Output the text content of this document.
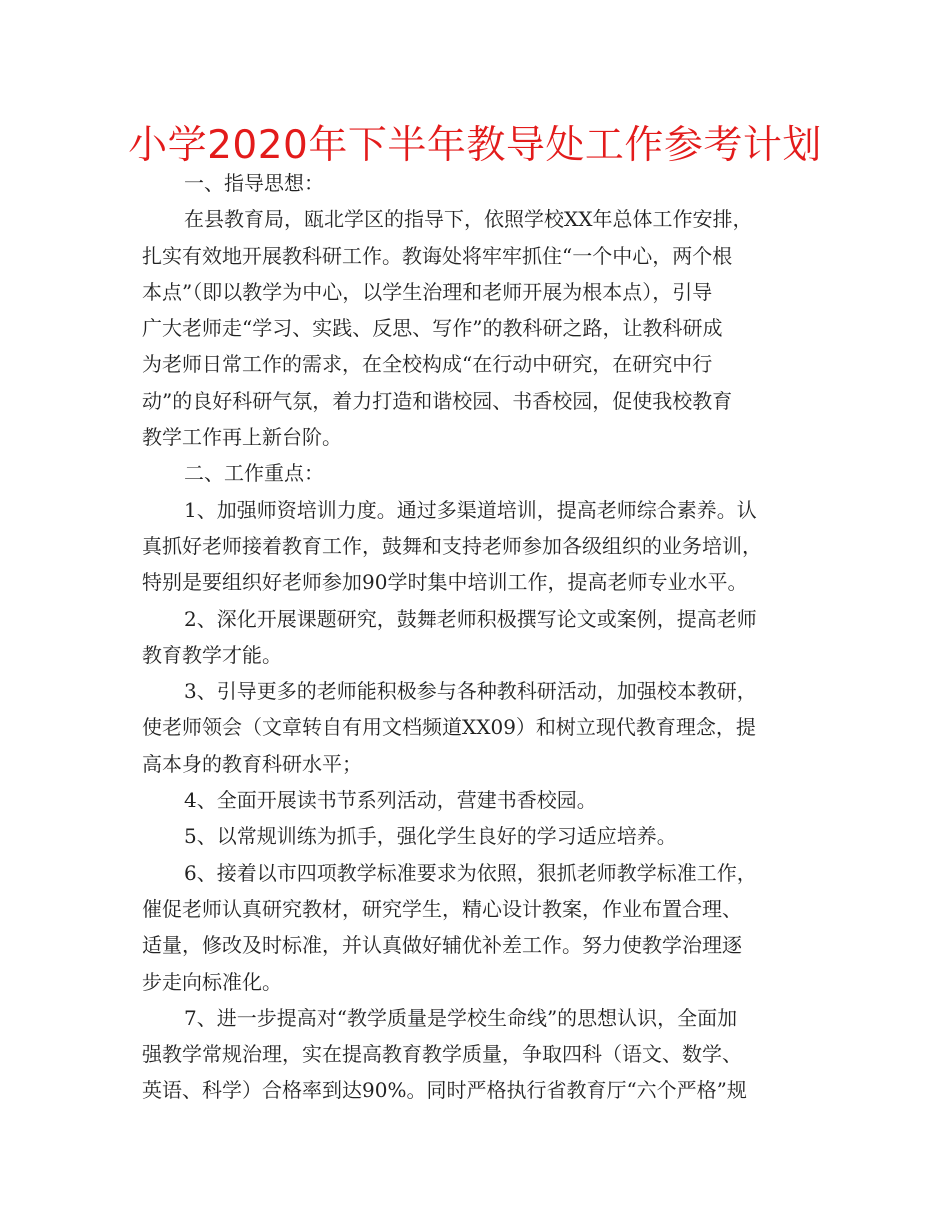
小学2020年下半年教导处工作参考计划
一、指导思想：
在县教育局，瓯北学区的指导下，依照学校XX年总体工作安排，
扎实有效地开展教科研工作。教诲处将牢牢抓住“一个中心，两个根
本点”（即以教学为中心，以学生治理和老师开展为根本点），引导
广大老师走“学习、实践、反思、写作”的教科研之路，让教科研成
为老师日常工作的需求，在全校构成“在行动中研究，在研究中行
动”的良好科研气氛，着力打造和谐校园、书香校园，促使我校教育
教学工作再上新台阶。
二、工作重点：
1、加强师资培训力度。通过多渠道培训，提高老师综合素养。认
真抓好老师接着教育工作，鼓舞和支持老师参加各级组织的业务培训，
特别是要组织好老师参加90学时集中培训工作，提高老师专业水平。
2、深化开展课题研究，鼓舞老师积极撰写论文或案例，提高老师
教育教学才能。
3、引导更多的老师能积极参与各种教科研活动，加强校本教研，
使老师领会（文章转自有用文档频道XX09）和树立现代教育理念，提
高本身的教育科研水平；
4、全面开展读书节系列活动，营建书香校园。
5、以常规训练为抓手，强化学生良好的学习适应培养。
6、接着以市四项教学标准要求为依照，狠抓老师教学标准工作，
催促老师认真研究教材，研究学生，精心设计教案，作业布置合理、
适量，修改及时标准，并认真做好辅优补差工作。努力使教学治理逐
步走向标准化。
7、进一步提高对“教学质量是学校生命线”的思想认识，全面加
强教学常规治理，实在提高教育教学质量，争取四科（语文、数学、
英语、科学）合格率到达90%。同时严格执行省教育厅“六个严格”规
